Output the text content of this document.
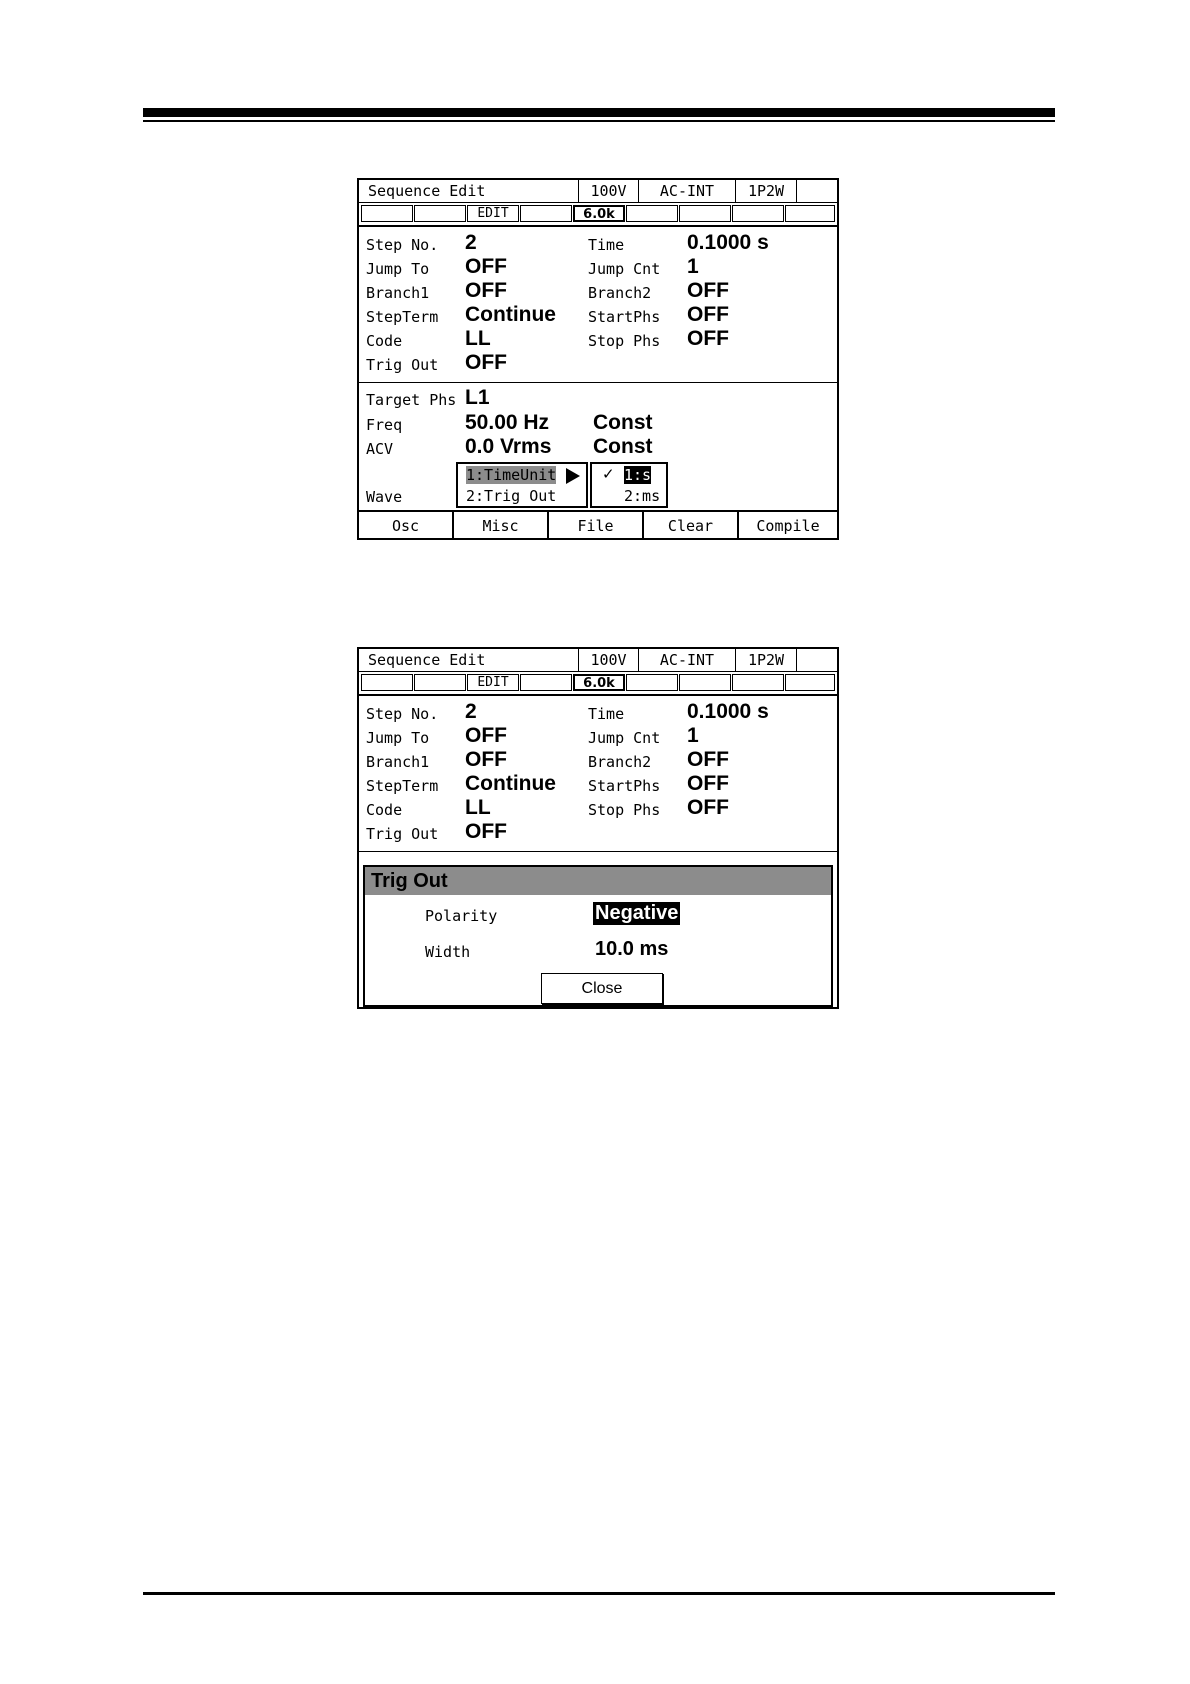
Sequence Edit	100V	AC-INT	1P2W
EDIT	6.0k
Step No. 2	Time	0.1000 s
Jump To OFF	Jump Cnt 1
Branch1 OFF	Branch2 OFF
StepTerm Continue StartPhs OFF
Code	LL	Stop Phs OFF
Trig Out OFF
Target Phs L1
Freq	50.00 Hz Const
ACV	0.0 Vrms Const
Wave
1:TimeUnit
2:Trig Out
✓ 1:s
2:ms
Osc	Misc	File	Clear	Compile
Sequence Edit	100V	AC-INT	1P2W
EDIT	6.0k
Step No. 2	Time	0.1000 s
Jump To OFF	Jump Cnt 1
Branch1 OFF	Branch2 OFF
StepTerm Continue StartPhs OFF
Code	LL	Stop Phs OFF
Trig Out OFF
Trig Out
Polarity	Negative
Width	10.0 ms
Close
